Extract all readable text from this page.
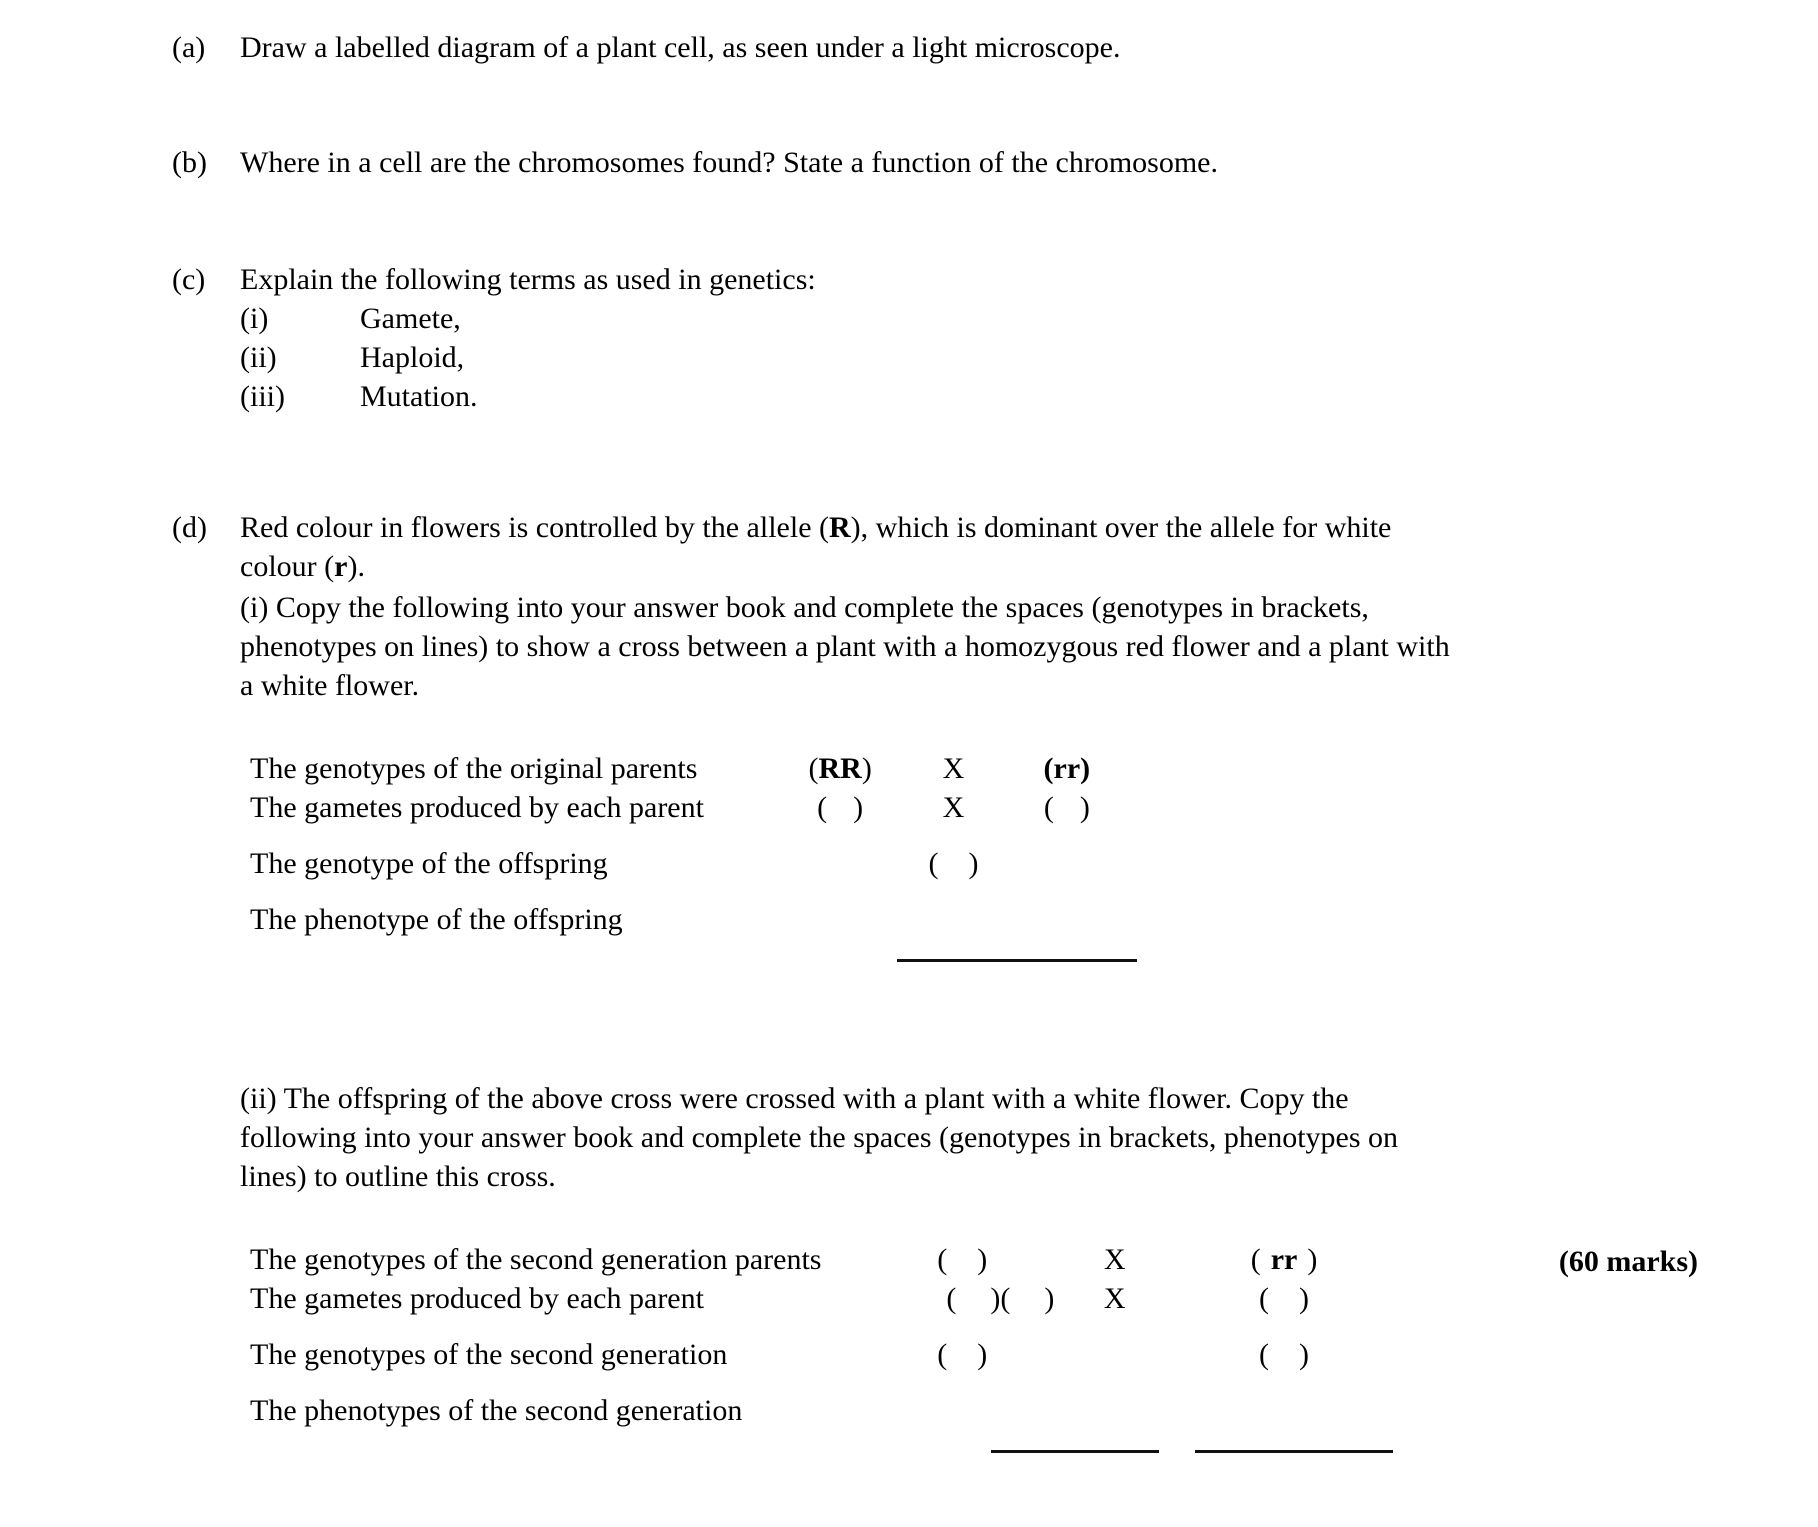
(a)	Draw a labelled diagram of a plant cell, as seen under a light microscope.

(b)	Where in a cell are the chromosomes found? State a function of the chromosome.

(c)	Explain the following terms as used in genetics:

(i)	Gamete,
(ii)	Haploid,
(iii)	Mutation.
(d)	Red colour in flowers is controlled by the allele (R), which is dominant over the allele for white colour (r).

(i) Copy the following into your answer book and complete the spaces (genotypes in brackets, phenotypes on lines) to show a cross between a plant with a homozygous red flower and a plant with a white flower.

The genotypes of the original parents	(RR)	X	(rr)
The gametes produced by each parent	( )	X	( )
The genotype of the offspring		( )	
The phenotype of the offspring			

(ii) The offspring of the above cross were crossed with a plant with a white flower. Copy the following into your answer book and complete the spaces (genotypes in brackets, phenotypes on lines) to outline this cross.

The genotypes of the second generation parents	( )	X	( rr )
The gametes produced by each parent	( )( )	X	( )
The genotypes of the second generation	( )		( )
The phenotypes of the second generation			

(60 marks)
